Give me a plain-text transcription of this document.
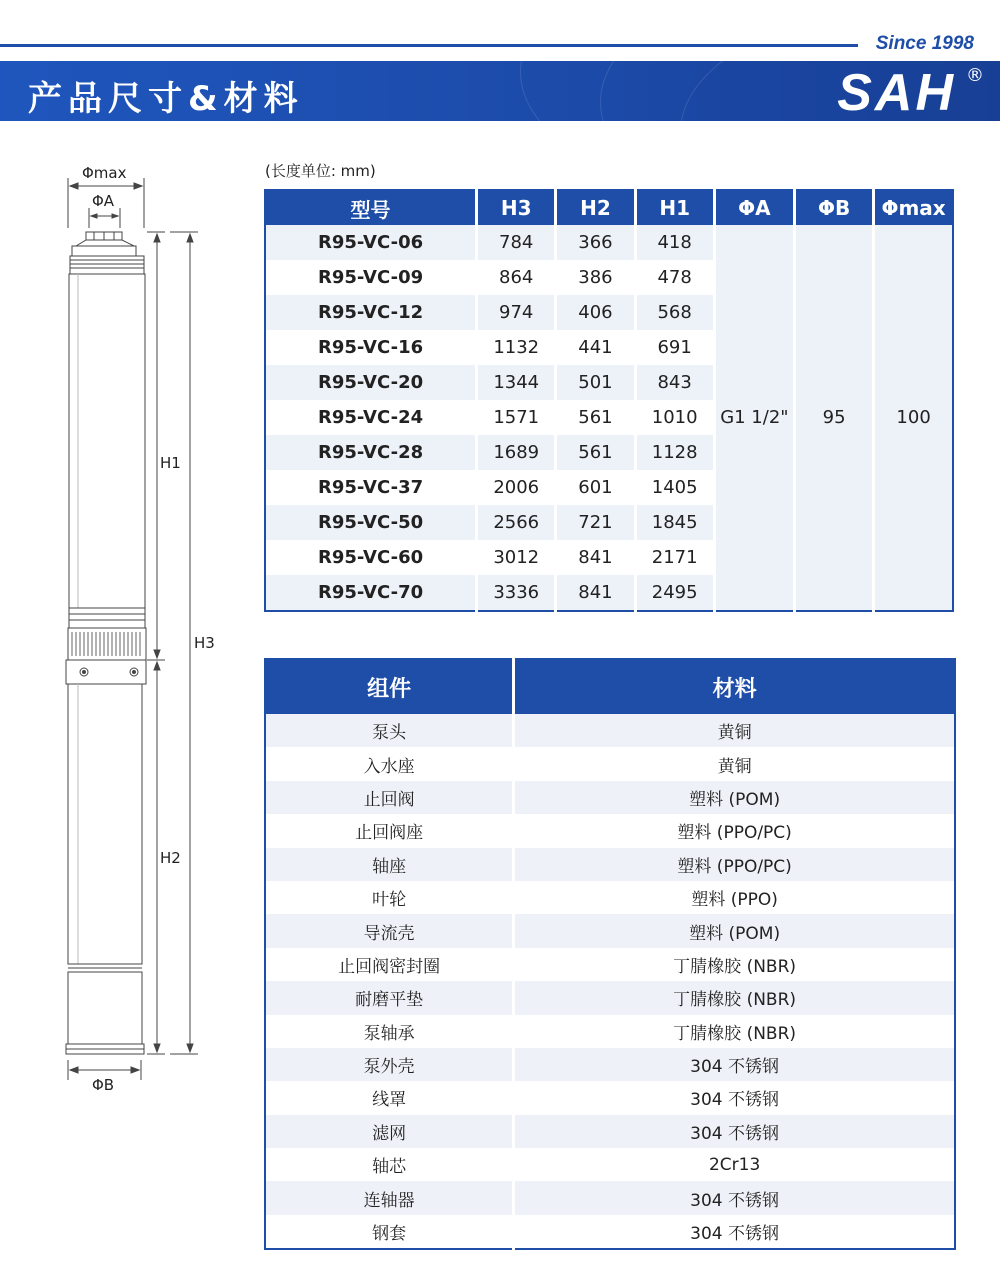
Since 1998
产品尺寸&材料	SAH ®
Φmax
ΦA
ΦB
H1
H2
H3
(长度单位: mm)
型号	H3	H2	H1	ΦA	ΦB	Φmax
R95-VC-06	784	366	418	G1 1/2"	95	100
R95-VC-09	864	386	478			
R95-VC-12	974	406	568			
R95-VC-16	1132	441	691			
R95-VC-20	1344	501	843			
R95-VC-24	1571	561	1010			
R95-VC-28	1689	561	1128			
R95-VC-37	2006	601	1405			
R95-VC-50	2566	721	1845			
R95-VC-60	3012	841	2171			
R95-VC-70	3336	841	2495			
组件	材料
泵头	黄铜
入水座	黄铜
止回阀	塑料 (POM)
止回阀座	塑料 (PPO/PC)
轴座	塑料 (PPO/PC)
叶轮	塑料 (PPO)
导流壳	塑料 (POM)
止回阀密封圈	丁腈橡胶 (NBR)
耐磨平垫	丁腈橡胶 (NBR)
泵轴承	丁腈橡胶 (NBR)
泵外壳	304 不锈钢
线罩	304 不锈钢
滤网	304 不锈钢
轴芯	2Cr13
连轴器	304 不锈钢
钢套	304 不锈钢
